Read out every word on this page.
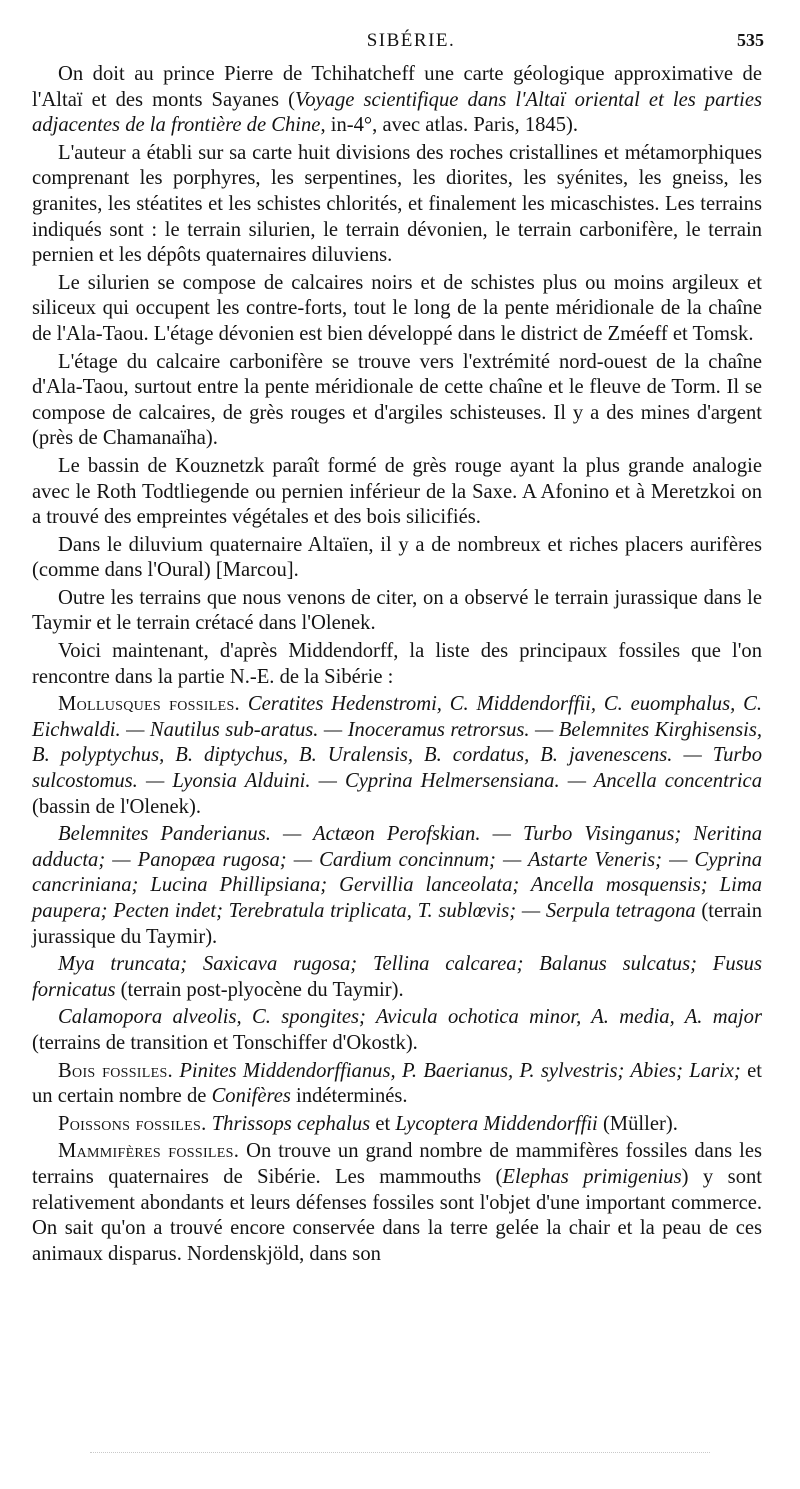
SIBÉRIE.	535

On doit au prince Pierre de Tchihatcheff une carte géologique approximative de l'Altaï et des monts Sayanes (Voyage scientifique dans l'Altaï oriental et les parties adjacentes de la frontière de Chine, in-4°, avec atlas. Paris, 1845).

L'auteur a établi sur sa carte huit divisions des roches cristallines et métamorphiques comprenant les porphyres, les serpentines, les diorites, les syénites, les gneiss, les granites, les stéatites et les schistes chlorités, et finalement les micaschistes. Les terrains indiqués sont : le terrain silurien, le terrain dévonien, le terrain carbonifère, le terrain pernien et les dépôts quaternaires diluviens.

Le silurien se compose de calcaires noirs et de schistes plus ou moins argileux et siliceux qui occupent les contre-forts, tout le long de la pente méridionale de la chaîne de l'Ala-Taou. L'étage dévonien est bien développé dans le district de Zméeff et Tomsk.

L'étage du calcaire carbonifère se trouve vers l'extrémité nord-ouest de la chaîne d'Ala-Taou, surtout entre la pente méridionale de cette chaîne et le fleuve de Torm. Il se compose de calcaires, de grès rouges et d'argiles schisteuses. Il y a des mines d'argent (près de Chamanaïha).

Le bassin de Kouznetzk paraît formé de grès rouge ayant la plus grande analogie avec le Roth Todtliegende ou pernien inférieur de la Saxe. A Afonino et à Meretzkoi on a trouvé des empreintes végétales et des bois silicifiés.

Dans le diluvium quaternaire Altaïen, il y a de nombreux et riches placers aurifères (comme dans l'Oural) [Marcou].

Outre les terrains que nous venons de citer, on a observé le terrain jurassique dans le Taymir et le terrain crétacé dans l'Olenek.

Voici maintenant, d'après Middendorff, la liste des principaux fossiles que l'on rencontre dans la partie N.-E. de la Sibérie :

Mollusques fossiles. Ceratites Hedenstromi, C. Middendorffii, C. euomphalus, C. Eichwaldi. — Nautilus sub-aratus. — Inoceramus retrorsus. — Belemnites Kirghisensis, B. polyptychus, B. diptychus, B. Uralensis, B. cordatus, B. javenescens. — Turbo sulcostomus. — Lyonsia Alduini. — Cyprina Helmersensiana. — Ancella concentrica (bassin de l'Olenek).

Belemnites Panderianus. — Actæon Perofskian. — Turbo Visinganus; Neritina adducta; — Panopæa rugosa; — Cardium concinnum; — Astarte Veneris; — Cyprina cancriniana; Lucina Phillipsiana; Gervillia lanceolata; Ancella mosquensis; Lima paupera; Pecten indet; Terebratula triplicata, T. sublœvis; — Serpula tetragona (terrain jurassique du Taymir).

Mya truncata; Saxicava rugosa; Tellina calcarea; Balanus sulcatus; Fusus fornicatus (terrain post-plyocène du Taymir).

Calamopora alveolis, C. spongites; Avicula ochotica minor, A. media, A. major (terrains de transition et Tonschiffer d'Okostk).

Bois fossiles. Pinites Middendorffianus, P. Baerianus, P. sylvestris; Abies; Larix; et un certain nombre de Conifères indéterminés.

Poissons fossiles. Thrissops cephalus et Lycoptera Middendorffii (Müller).

Mammifères fossiles. On trouve un grand nombre de mammifères fossiles dans les terrains quaternaires de Sibérie. Les mammouths (Elephas primigenius) y sont relativement abondants et leurs défenses fossiles sont l'objet d'une important commerce. On sait qu'on a trouvé encore conservée dans la terre gelée la chair et la peau de ces animaux disparus. Nordenskjöld, dans son
